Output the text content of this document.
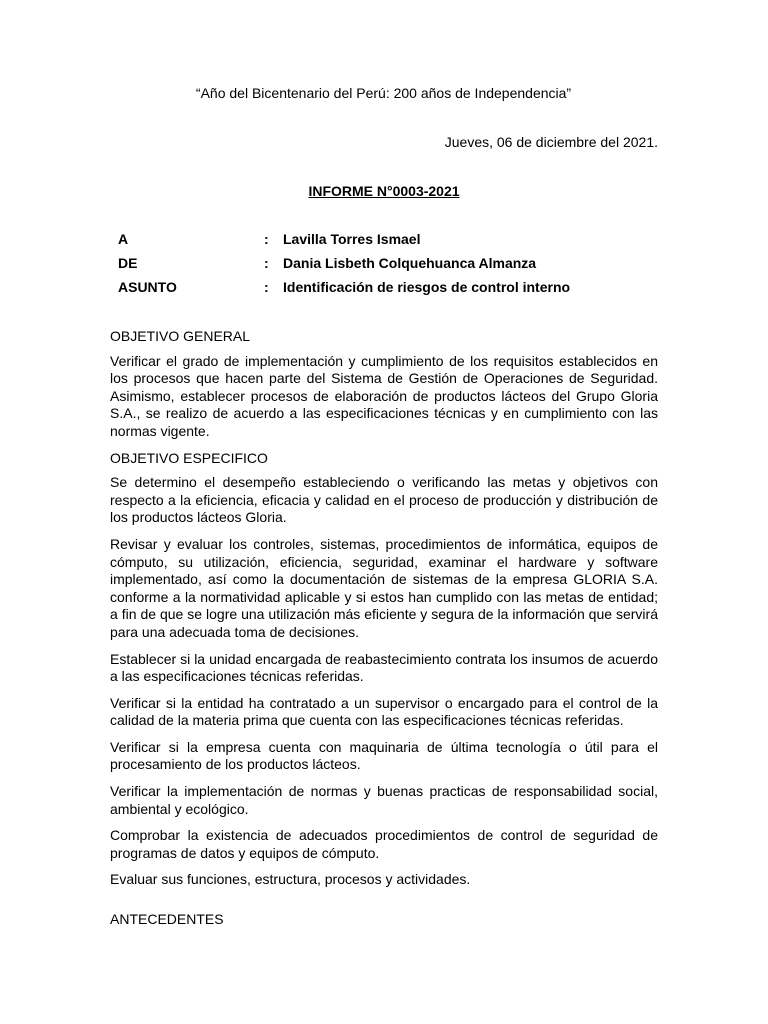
“Año del Bicentenario del Perú: 200 años de Independencia”
Jueves, 06 de diciembre del 2021.
INFORME N°0003-2021
A	:	Lavilla Torres Ismael
DE	:	Dania Lisbeth Colquehuanca Almanza
ASUNTO	:	Identificación de riesgos de control interno
OBJETIVO GENERAL
Verificar el grado de implementación y cumplimiento de los requisitos establecidos en los procesos que hacen parte del Sistema de Gestión de Operaciones de Seguridad. Asimismo, establecer procesos de elaboración de productos lácteos del Grupo Gloria S.A., se realizo de acuerdo a las especificaciones técnicas y en cumplimiento con las normas vigente.
OBJETIVO ESPECIFICO
Se determino el desempeño estableciendo o verificando las metas y objetivos con respecto a la eficiencia, eficacia y calidad en el proceso de producción y distribución de los productos lácteos Gloria.
Revisar y evaluar los controles, sistemas, procedimientos de informática, equipos de cómputo, su utilización, eficiencia, seguridad, examinar el hardware y software implementado, así como la documentación de sistemas de la empresa GLORIA S.A. conforme a la normatividad aplicable y si estos han cumplido con las metas de entidad; a fin de que se logre una utilización más eficiente y segura de la información que servirá para una adecuada toma de decisiones.
Establecer si la unidad encargada de reabastecimiento contrata los insumos de acuerdo a las especificaciones técnicas referidas.
Verificar si la entidad ha contratado a un supervisor o encargado para el control de la calidad de la materia prima que cuenta con las especificaciones técnicas referidas.
Verificar si la empresa cuenta con maquinaria de última tecnología o útil para el procesamiento de los productos lácteos.
Verificar la implementación de normas y buenas practicas de responsabilidad social, ambiental y ecológico.
Comprobar la existencia de adecuados procedimientos de control de seguridad de programas de datos y equipos de cómputo.
Evaluar sus funciones, estructura, procesos y actividades.
ANTECEDENTES
